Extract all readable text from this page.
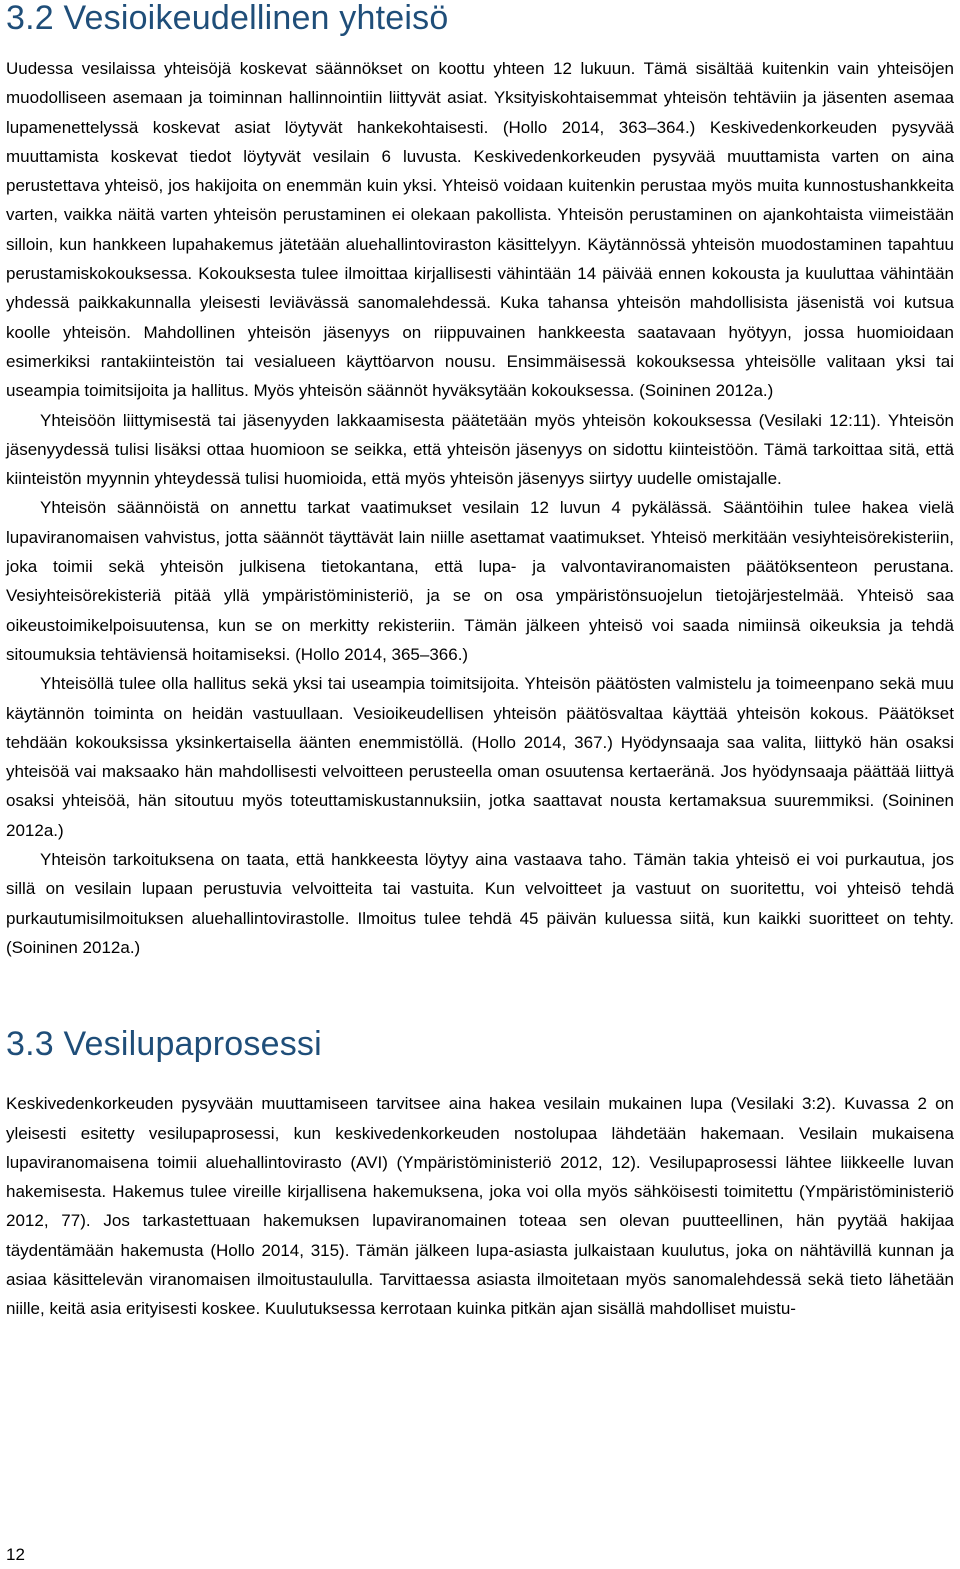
3.2 Vesioikeudellinen yhteisö

Uudessa vesilaissa yhteisöjä koskevat säännökset on koottu yhteen 12 lukuun. Tämä sisältää kuitenkin vain yhteisöjen muodolliseen asemaan ja toiminnan hallinnointiin liittyvät asiat. Yksityiskohtaisemmat yhteisön tehtäviin ja jäsenten asemaa lupamenettelyssä koskevat asiat löytyvät hankekohtaisesti. (Hollo 2014, 363–364.) Keskivedenkorkeuden pysyvää muuttamista koskevat tiedot löytyvät vesilain 6 luvusta. Keskivedenkorkeuden pysyvää muuttamista varten on aina perustettava yhteisö, jos hakijoita on enemmän kuin yksi. Yhteisö voidaan kuitenkin perustaa myös muita kunnostushankkeita varten, vaikka näitä varten yhteisön perustaminen ei olekaan pakollista. Yhteisön perustaminen on ajankohtaista viimeistään silloin, kun hankkeen lupahakemus jätetään aluehallintoviraston käsittelyyn. Käytännössä yhteisön muodostaminen tapahtuu perustamiskokouksessa. Kokouksesta tulee ilmoittaa kirjallisesti vähintään 14 päivää ennen kokousta ja kuuluttaa vähintään yhdessä paikkakunnalla yleisesti leviävässä sanomalehdessä. Kuka tahansa yhteisön mahdollisista jäsenistä voi kutsua koolle yhteisön. Mahdollinen yhteisön jäsenyys on riippuvainen hankkeesta saatavaan hyötyyn, jossa huomioidaan esimerkiksi rantakiinteistön tai vesialueen käyttöarvon nousu. Ensimmäisessä kokouksessa yhteisölle valitaan yksi tai useampia toimitsijoita ja hallitus. Myös yhteisön säännöt hyväksytään kokouksessa. (Soininen 2012a.)

Yhteisöön liittymisestä tai jäsenyyden lakkaamisesta päätetään myös yhteisön kokouksessa (Vesilaki 12:11). Yhteisön jäsenyydessä tulisi lisäksi ottaa huomioon se seikka, että yhteisön jäsenyys on sidottu kiinteistöön. Tämä tarkoittaa sitä, että kiinteistön myynnin yhteydessä tulisi huomioida, että myös yhteisön jäsenyys siirtyy uudelle omistajalle.

Yhteisön säännöistä on annettu tarkat vaatimukset vesilain 12 luvun 4 pykälässä. Sääntöihin tulee hakea vielä lupaviranomaisen vahvistus, jotta säännöt täyttävät lain niille asettamat vaatimukset. Yhteisö merkitään vesiyhteisörekisteriin, joka toimii sekä yhteisön julkisena tietokantana, että lupa- ja valvontaviranomaisten päätöksenteon perustana. Vesiyhteisörekisteriä pitää yllä ympäristöministeriö, ja se on osa ympäristönsuojelun tietojärjestelmää. Yhteisö saa oikeustoimikelpoisuutensa, kun se on merkitty rekisteriin. Tämän jälkeen yhteisö voi saada nimiinsä oikeuksia ja tehdä sitoumuksia tehtäviensä hoitamiseksi. (Hollo 2014, 365–366.)

Yhteisöllä tulee olla hallitus sekä yksi tai useampia toimitsijoita. Yhteisön päätösten valmistelu ja toimeenpano sekä muu käytännön toiminta on heidän vastuullaan. Vesioikeudellisen yhteisön päätösvaltaa käyttää yhteisön kokous. Päätökset tehdään kokouksissa yksinkertaisella äänten enemmistöllä. (Hollo 2014, 367.) Hyödynsaaja saa valita, liittykö hän osaksi yhteisöä vai maksaako hän mahdollisesti velvoitteen perusteella oman osuutensa kertaeränä. Jos hyödynsaaja päättää liittyä osaksi yhteisöä, hän sitoutuu myös toteuttamiskustannuksiin, jotka saattavat nousta kertamaksua suuremmiksi. (Soininen 2012a.)

Yhteisön tarkoituksena on taata, että hankkeesta löytyy aina vastaava taho. Tämän takia yhteisö ei voi purkautua, jos sillä on vesilain lupaan perustuvia velvoitteita tai vastuita. Kun velvoitteet ja vastuut on suoritettu, voi yhteisö tehdä purkautumisilmoituksen aluehallintovirastolle. Ilmoitus tulee tehdä 45 päivän kuluessa siitä, kun kaikki suoritteet on tehty. (Soininen 2012a.)

3.3 Vesilupaprosessi

Keskivedenkorkeuden pysyvään muuttamiseen tarvitsee aina hakea vesilain mukainen lupa (Vesilaki 3:2). Kuvassa 2 on yleisesti esitetty vesilupaprosessi, kun keskivedenkorkeuden nostolupaa lähdetään hakemaan. Vesilain mukaisena lupaviranomaisena toimii aluehallintovirasto (AVI) (Ympäristöministeriö 2012, 12). Vesilupaprosessi lähtee liikkeelle luvan hakemisesta. Hakemus tulee vireille kirjallisena hakemuksena, joka voi olla myös sähköisesti toimitettu (Ympäristöministeriö 2012, 77). Jos tarkastettuaan hakemuksen lupaviranomainen toteaa sen olevan puutteellinen, hän pyytää hakijaa täydentämään hakemusta (Hollo 2014, 315). Tämän jälkeen lupa-asiasta julkaistaan kuulutus, joka on nähtävillä kunnan ja asiaa käsittelevän viranomaisen ilmoitustaululla. Tarvittaessa asiasta ilmoitetaan myös sanomalehdessä sekä tieto lähetään niille, keitä asia erityisesti koskee. Kuulutuksessa kerrotaan kuinka pitkän ajan sisällä mahdolliset muistu-

12
